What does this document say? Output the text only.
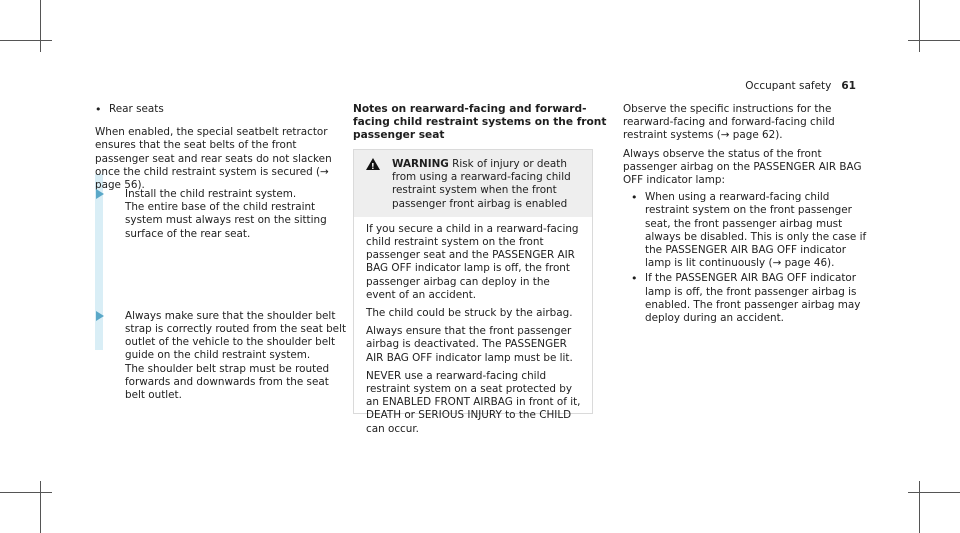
Occupant safety 61

• Rear seats

When enabled, the special seatbelt retractor ensures that the seat belts of the front passenger seat and rear seats do not slacken once the child restraint system is secured (→ page 56).

Install the child restraint system.

The entire base of the child restraint system must always rest on the sitting surface of the rear seat.

Always make sure that the shoulder belt strap is correctly routed from the seat belt outlet of the vehicle to the shoulder belt guide on the child restraint system.

The shoulder belt strap must be routed forwards and downwards from the seat belt outlet.

Notes on rearward-facing and forward-facing child restraint systems on the front passenger seat
! WARNING Risk of injury or death from using a rearward-facing child restraint system when the front passenger front airbag is enabled

If you secure a child in a rearward-facing child restraint system on the front passenger seat and the PASSENGER AIR BAG OFF indicator lamp is off, the front passenger airbag can deploy in the event of an accident.

The child could be struck by the airbag.

Always ensure that the front passenger airbag is deactivated. The PASSENGER AIR BAG OFF indicator lamp must be lit.

NEVER use a rearward-facing child restraint system on a seat protected by an ENABLED FRONT AIRBAG in front of it, DEATH or SERIOUS INJURY to the CHILD can occur.

Observe the specific instructions for the rearward-facing and forward-facing child restraint systems (→ page 62).

Always observe the status of the front passenger airbag on the PASSENGER AIR BAG OFF indicator lamp:

• When using a rearward-facing child restraint system on the front passenger seat, the front passenger airbag must always be disabled. This is only the case if the PASSENGER AIR BAG OFF indicator lamp is lit continuously (→ page 46).

• If the PASSENGER AIR BAG OFF indicator lamp is off, the front passenger airbag is enabled. The front passenger airbag may deploy during an accident.
